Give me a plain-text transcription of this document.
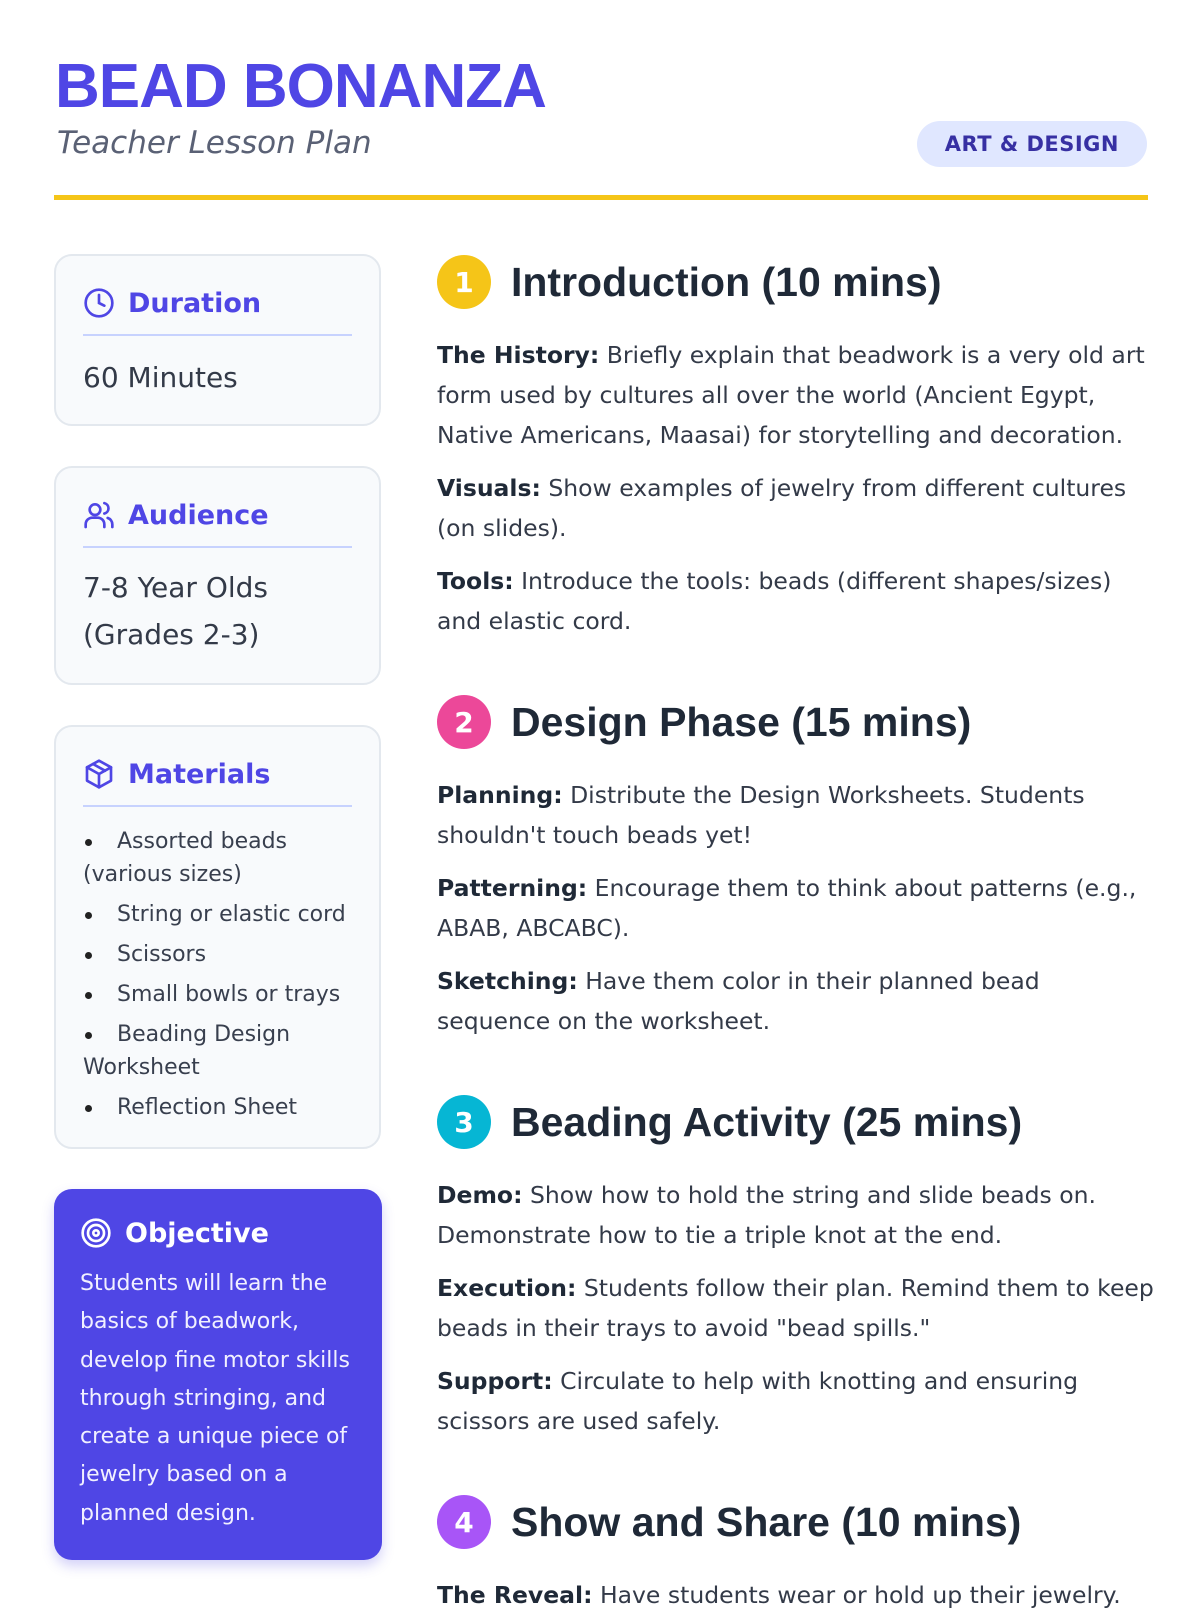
BEAD BONANZA
Teacher Lesson Plan	ART & DESIGN
Duration
60 Minutes
Audience
7-8 Year Olds
(Grades 2-3)
Materials
Assorted beads (various sizes)
String or elastic cord
Scissors
Small bowls or trays
Beading Design Worksheet
Reflection Sheet
Objective
Students will learn the basics of beadwork, develop fine motor skills through stringing, and create a unique piece of jewelry based on a planned design.
1 Introduction (10 mins)
The History: Briefly explain that beadwork is a very old art form used by cultures all over the world (Ancient Egypt, Native Americans, Maasai) for storytelling and decoration.
Visuals: Show examples of jewelry from different cultures (on slides).
Tools: Introduce the tools: beads (different shapes/sizes) and elastic cord.
2 Design Phase (15 mins)
Planning: Distribute the Design Worksheets. Students shouldn't touch beads yet!
Patterning: Encourage them to think about patterns (e.g., ABAB, ABCABC).
Sketching: Have them color in their planned bead sequence on the worksheet.
3 Beading Activity (25 mins)
Demo: Show how to hold the string and slide beads on. Demonstrate how to tie a triple knot at the end.
Execution: Students follow their plan. Remind them to keep beads in their trays to avoid "bead spills."
Support: Circulate to help with knotting and ensuring scissors are used safely.
4 Show and Share (10 mins)
The Reveal: Have students wear or hold up their jewelry.
